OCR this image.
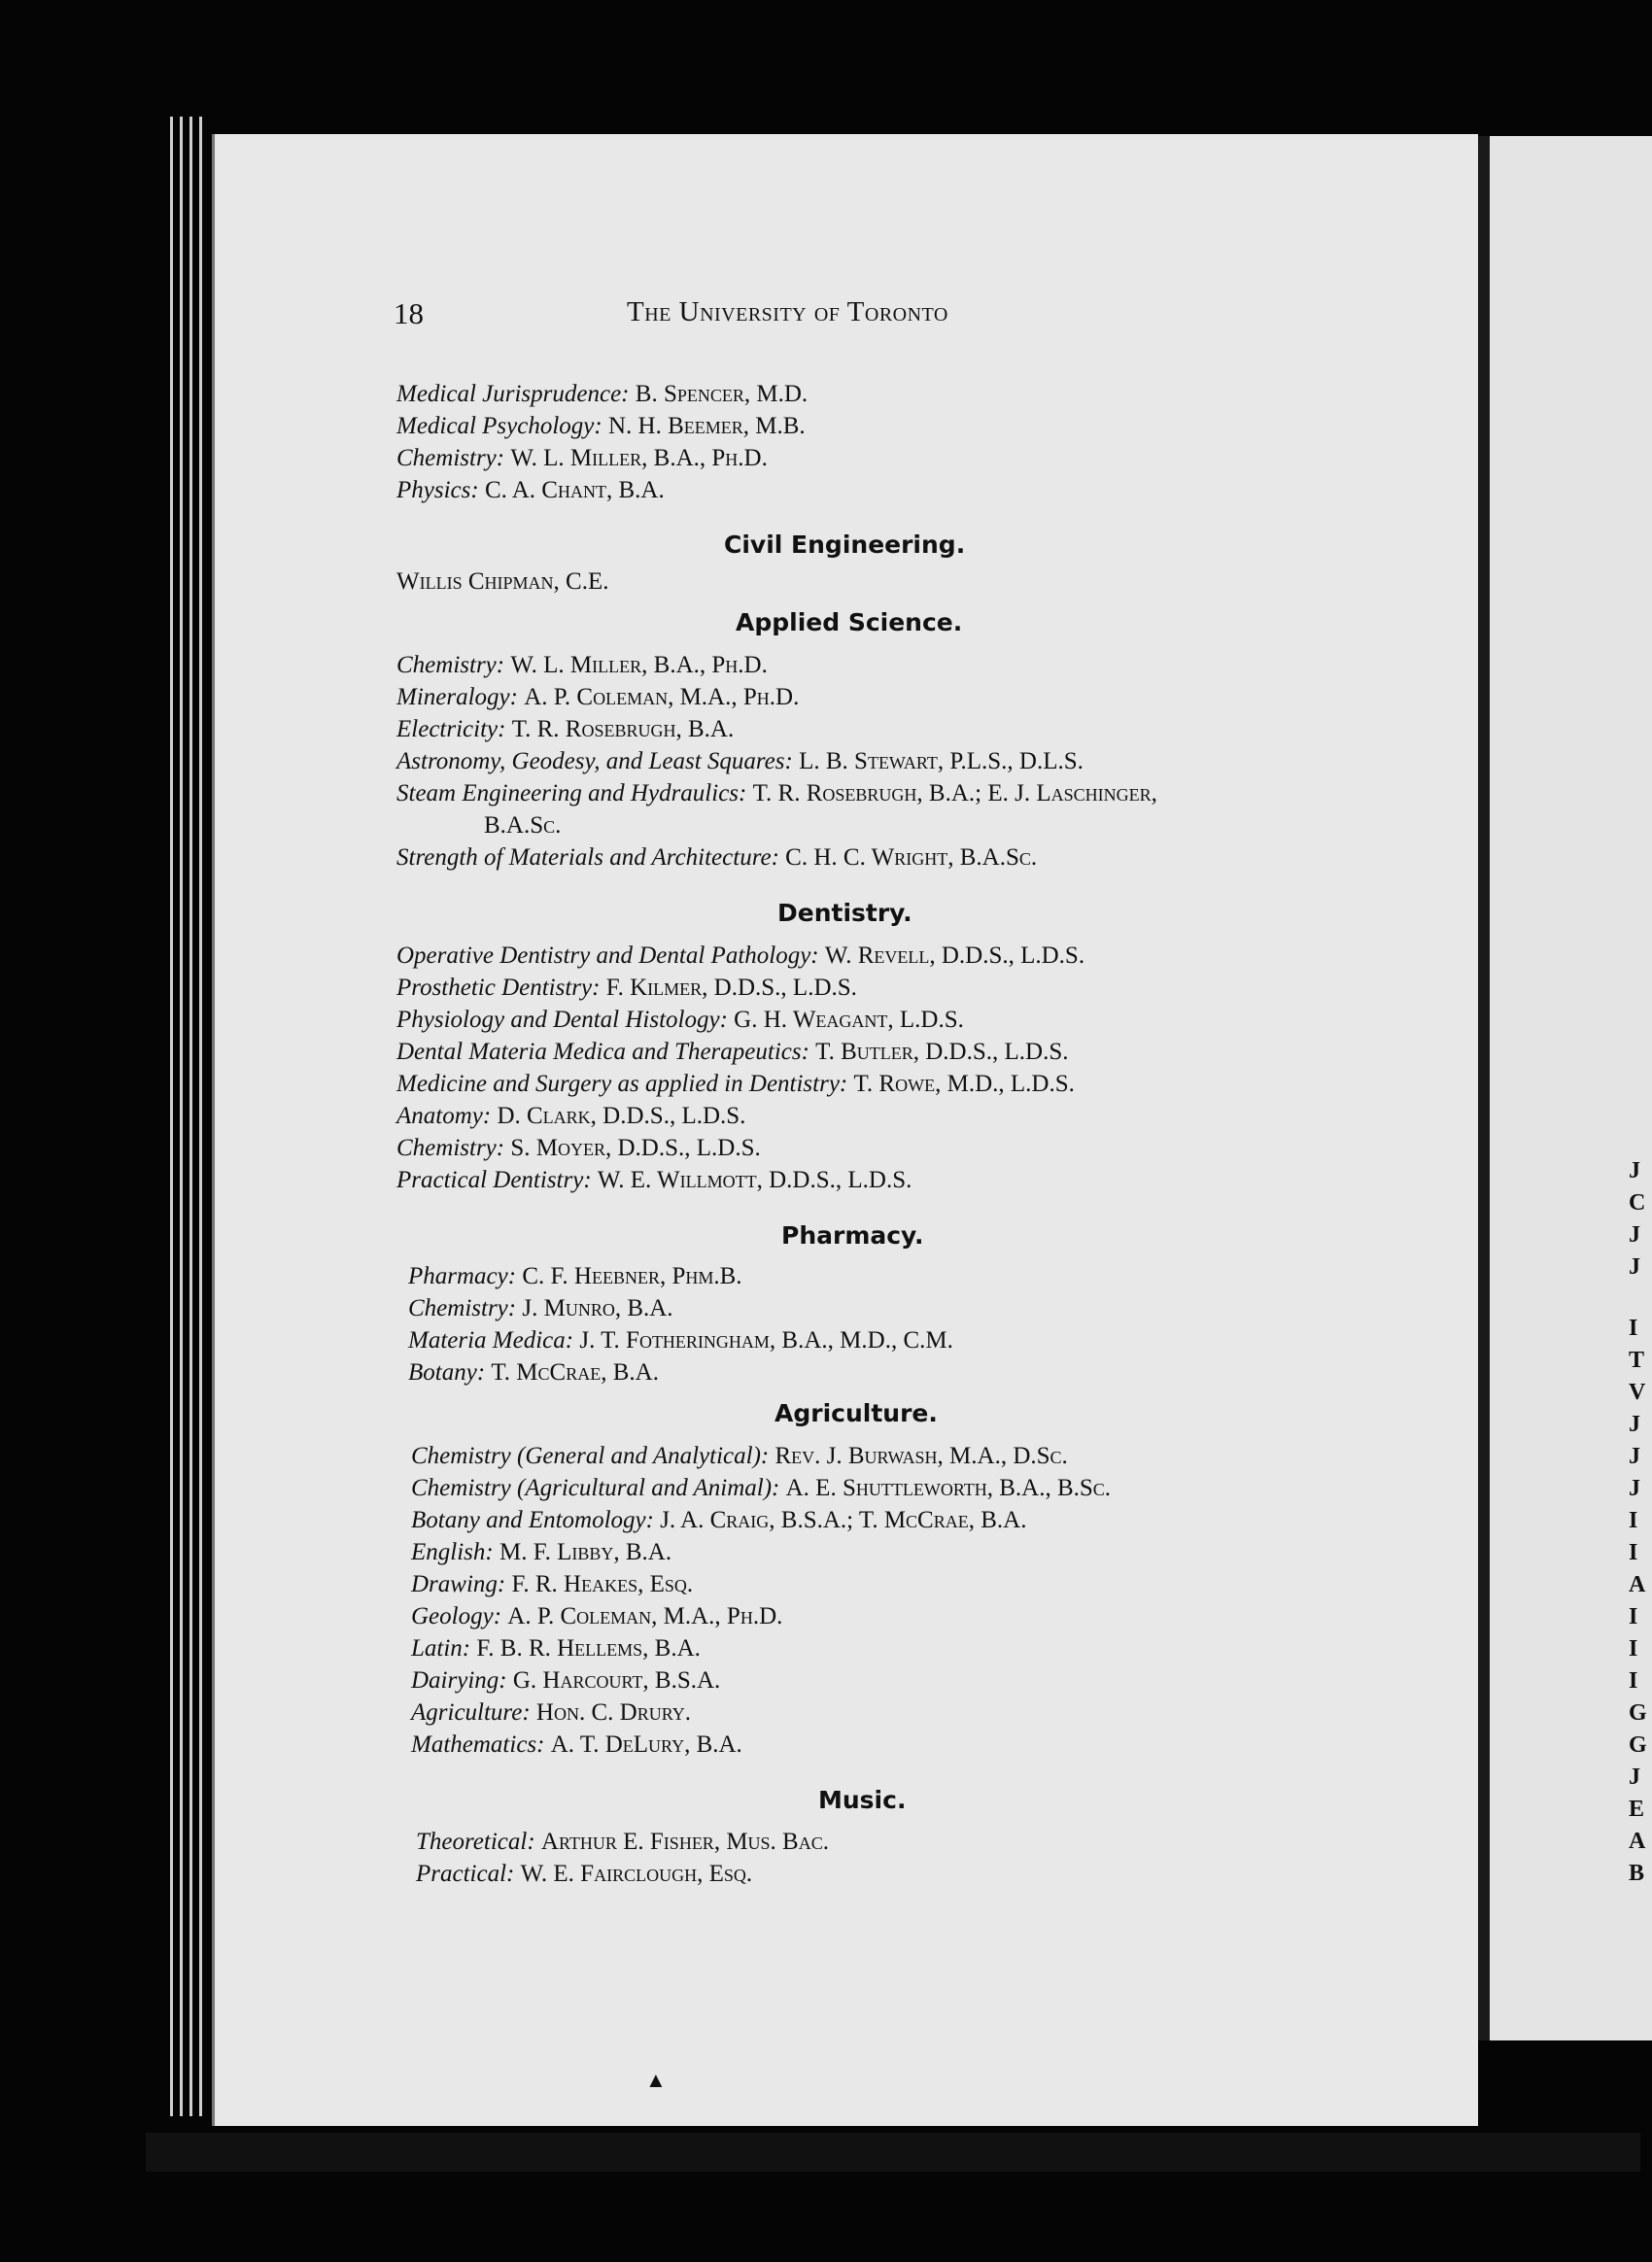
18	The University of Toronto
Medical Jurisprudence: B. Spencer, M.D.
Medical Psychology: N. H. Beemer, M.B.
Chemistry: W. L. Miller, B.A., Ph.D.
Physics: C. A. Chant, B.A.
Civil Engineering.
Willis Chipman, C.E.
Applied Science.
Chemistry: W. L. Miller, B.A., Ph.D.
Mineralogy: A. P. Coleman, M.A., Ph.D.
Electricity: T. R. Rosebrugh, B.A.
Astronomy, Geodesy, and Least Squares: L. B. Stewart, P.L.S., D.L.S.
Steam Engineering and Hydraulics: T. R. Rosebrugh, B.A.; E. J. Laschinger,
B.A.Sc.
Strength of Materials and Architecture: C. H. C. Wright, B.A.Sc.
Dentistry.
Operative Dentistry and Dental Pathology: W. Revell, D.D.S., L.D.S.
Prosthetic Dentistry: F. Kilmer, D.D.S., L.D.S.
Physiology and Dental Histology: G. H. Weagant, L.D.S.
Dental Materia Medica and Therapeutics: T. Butler, D.D.S., L.D.S.
Medicine and Surgery as applied in Dentistry: T. Rowe, M.D., L.D.S.
Anatomy: D. Clark, D.D.S., L.D.S.
Chemistry: S. Moyer, D.D.S., L.D.S.
Practical Dentistry: W. E. Willmott, D.D.S., L.D.S.
Pharmacy.
Pharmacy: C. F. Heebner, Phm.B.
Chemistry: J. Munro, B.A.
Materia Medica: J. T. Fotheringham, B.A., M.D., C.M.
Botany: T. McCrae, B.A.
Agriculture.
Chemistry (General and Analytical): Rev. J. Burwash, M.A., D.Sc.
Chemistry (Agricultural and Animal): A. E. Shuttleworth, B.A., B.Sc.
Botany and Entomology: J. A. Craig, B.S.A.; T. McCrae, B.A.
English: M. F. Libby, B.A.
Drawing: F. R. Heakes, Esq.
Geology: A. P. Coleman, M.A., Ph.D.
Latin: F. B. R. Hellems, B.A.
Dairying: G. Harcourt, B.S.A.
Agriculture: Hon. C. Drury.
Mathematics: A. T. DeLury, B.A.
Music.
Theoretical: Arthur E. Fisher, Mus. Bac.
Practical: W. E. Fairclough, Esq.
▲
J
C
J
J
I
T
V
J
J
J
I
I
A
I
I
I
G
G
J
E
A
B
